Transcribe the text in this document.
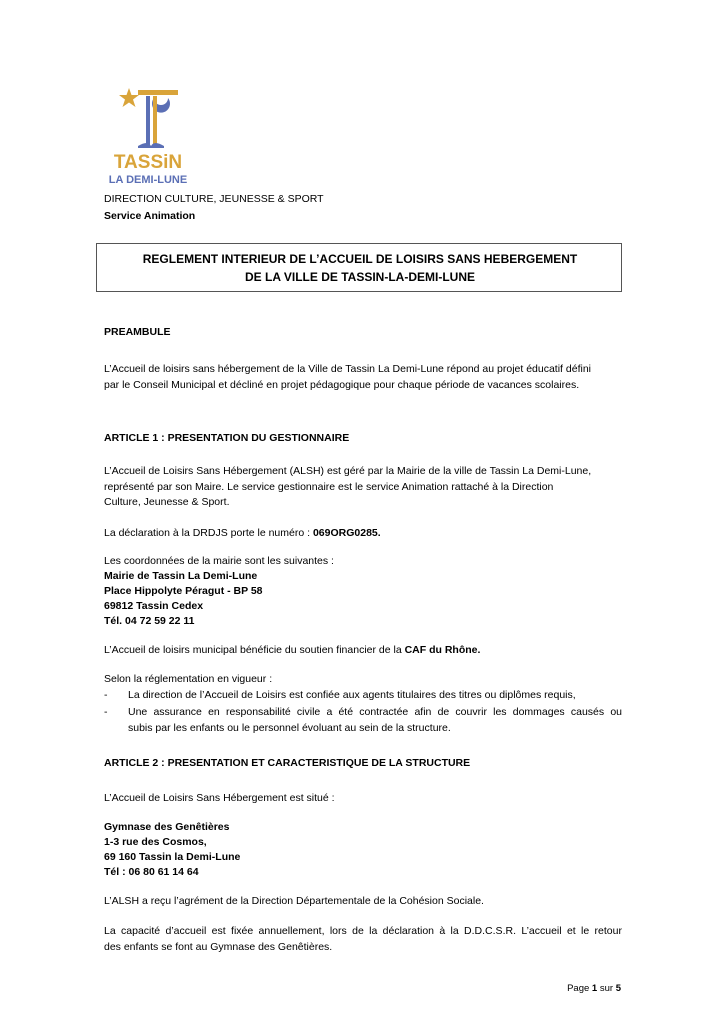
TASSiN
LA DEMI-LUNE
DIRECTION CULTURE, JEUNESSE & SPORT
Service Animation
REGLEMENT INTERIEUR DE L’ACCUEIL DE LOISIRS SANS HEBERGEMENT
DE LA VILLE DE TASSIN-LA-DEMI-LUNE
PREAMBULE
L’Accueil de loisirs sans hébergement de la Ville de Tassin La Demi-Lune répond au projet éducatif défini
par le Conseil Municipal et décliné en projet pédagogique pour chaque période de vacances scolaires.
ARTICLE 1 : PRESENTATION DU GESTIONNAIRE
L’Accueil de Loisirs Sans Hébergement (ALSH) est géré par la Mairie de la ville de Tassin La Demi-Lune,
représenté par son Maire. Le service gestionnaire est le service Animation rattaché à la Direction
Culture, Jeunesse & Sport.
La déclaration à la DRDJS porte le numéro : 069ORG0285.
Les coordonnées de la mairie sont les suivantes :
Mairie de Tassin La Demi-Lune
Place Hippolyte Péragut - BP 58
69812 Tassin Cedex
Tél. 04 72 59 22 11
L’Accueil de loisirs municipal bénéficie du soutien financier de la CAF du Rhône.
Selon la réglementation en vigueur :
-	La direction de l’Accueil de Loisirs est confiée aux agents titulaires des titres ou diplômes requis,
-	Une assurance en responsabilité civile a été contractée afin de couvrir les dommages causés ou
subis par les enfants ou le personnel évoluant au sein de la structure.
ARTICLE 2 : PRESENTATION ET CARACTERISTIQUE DE LA STRUCTURE
L’Accueil de Loisirs Sans Hébergement est situé :
Gymnase des Genêtières
1-3 rue des Cosmos,
69 160 Tassin la Demi-Lune
Tél : 06 80 61 14 64
L’ALSH a reçu l’agrément de la Direction Départementale de la Cohésion Sociale.
La capacité d’accueil est fixée annuellement, lors de la déclaration à la D.D.C.S.R. L’accueil et le retour
des enfants se font au Gymnase des Genêtières.
Page 1 sur 5
